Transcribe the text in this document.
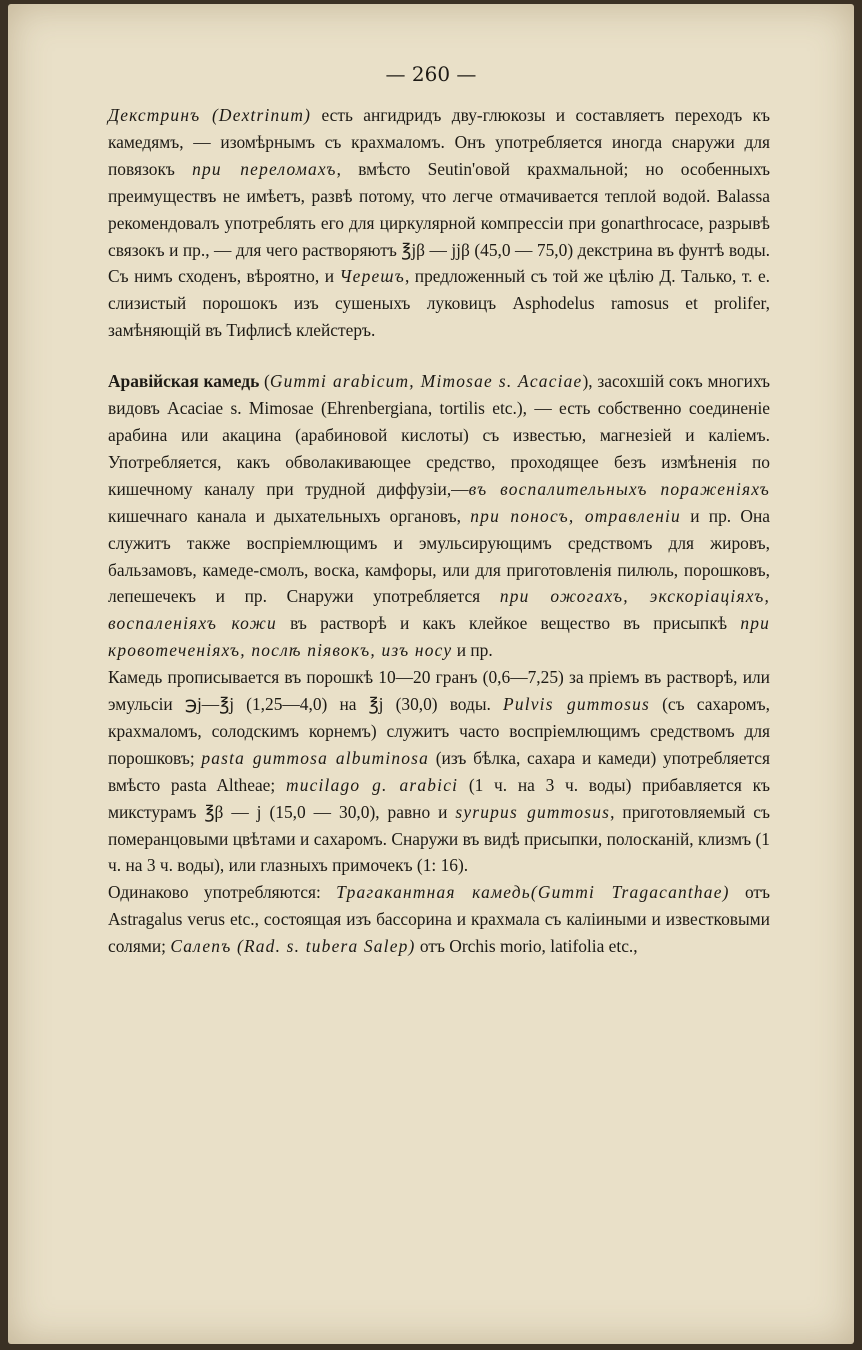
— 260 —

Декстринъ (Dextrinum) есть ангидридъ дву-глюкозы и составляетъ переходъ къ камедямъ, — изомѣрнымъ съ крахмаломъ. Онъ употребляется иногда снаружи для повязокъ при переломахъ, вмѣсто Seutin'овой крахмальной; но особенныхъ преимуществъ не имѣетъ, развѣ потому, что легче отмачивается теплой водой. Balassa рекомендовалъ употреблять его для циркулярной компрессіи при gonarthrocace, разрывѣ связокъ и пр., — для чего растворяютъ ℥jβ — jjβ (45,0 — 75,0) декстрина въ фунтѣ воды. Съ нимъ сходенъ, вѣроятно, и Черешъ, предложенный съ той же цѣлію Д. Талько, т. е. слизистый порошокъ изъ сушеныхъ луковицъ Asphodelus ramosus et prolifer, замѣняющій въ Тифлисѣ клейстеръ.

Аравійская камедь (Gummi arabicum, Mimosae s. Acaciae), засохшій сокъ многихъ видовъ Acaciae s. Mimosae (Ehrenbergiana, tortilis etc.), — есть собственно соединеніе арабина или акацина (арабиновой кислоты) съ известью, магнезіей и каліемъ. Употребляется, какъ обволакивающее средство, проходящее безъ измѣненія по кишечному каналу при трудной диффузіи,—въ воспалительныхъ пораженіяхъ кишечнаго канала и дыхательныхъ органовъ, при поносъ, отравленіи и пр. Она служитъ также воспріемлющимъ и эмульсирующимъ средствомъ для жировъ, бальзамовъ, камеде-смолъ, воска, камфоры, или для приготовленія пилюль, порошковъ, лепешечекъ и пр. Снаружи употребляется при ожогахъ, экскоріаціяхъ, воспаленіяхъ кожи въ растворѣ и какъ клейкое вещество въ присыпкѣ при кровотеченіяхъ, послѣ піявокъ, изъ носу и пр.

Камедь прописывается въ порошкѣ 10—20 гранъ (0,6—7,25) за пріемъ въ растворѣ, или эмульсіи ℈j—℥j (1,25—4,0) на ℥j (30,0) воды. Pulvis gummosus (съ сахаромъ, крахмаломъ, солодскимъ корнемъ) служитъ часто воспріемлющимъ средствомъ для порошковъ; pasta gummosa albuminosa (изъ бѣлка, сахара и камеди) употребляется вмѣсто pasta Altheae; mucilago g. arabici (1 ч. на 3 ч. воды) прибавляется къ микстурамъ ℥β — j (15,0 — 30,0), равно и syrupus gummosus, приготовляемый съ померанцовыми цвѣтами и сахаромъ. Снаружи въ видѣ присыпки, полосканій, клизмъ (1 ч. на 3 ч. воды), или глазныхъ примочекъ (1: 16).

Одинаково употребляются: Трагакантная камедь(Gummi Tragacanthae) отъ Astragalus verus etc., состоящая изъ бассорина и крахмала съ каліиными и известковыми солями; Салепъ (Rad. s. tubera Salep) отъ Orchis morio, latifolia etc.,
